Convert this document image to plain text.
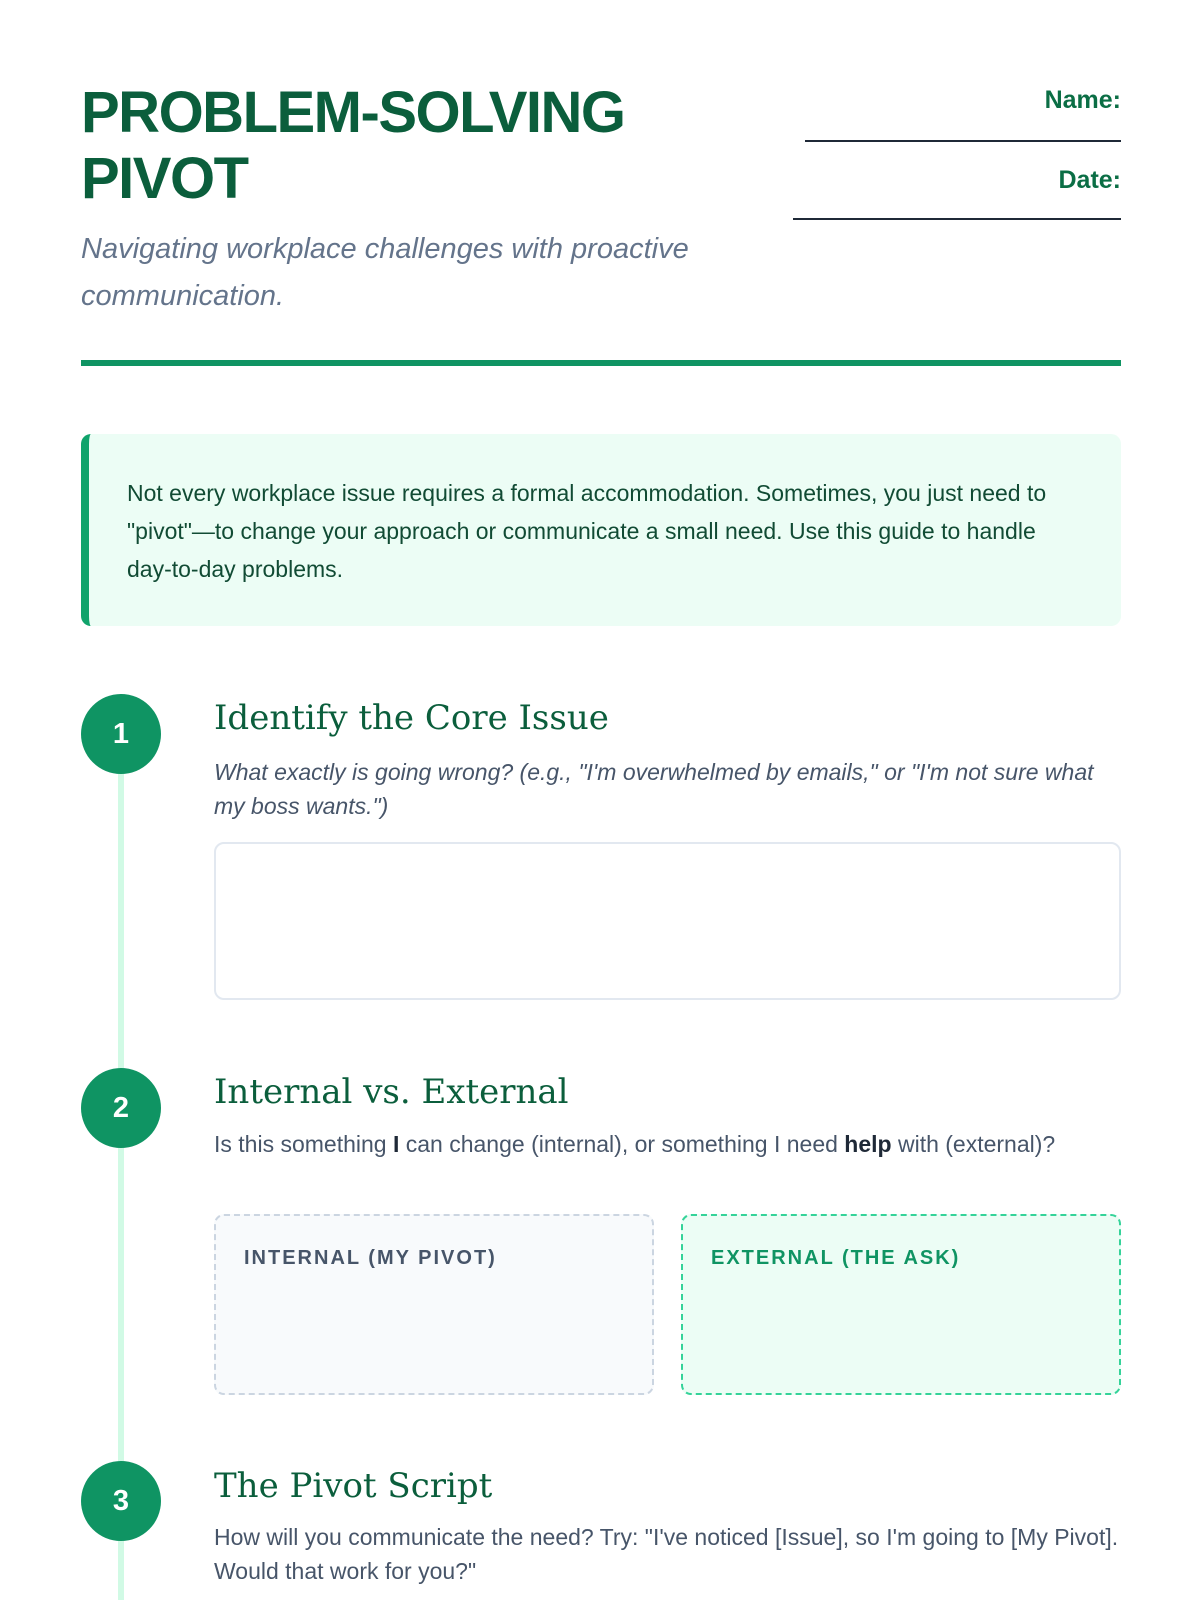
PROBLEM-SOLVING
PIVOT

Navigating workplace challenges with proactive communication.

Name:
Date:

Not every workplace issue requires a formal accommodation. Sometimes, you just need to "pivot"—to change your approach or communicate a small need. Use this guide to handle day-to-day problems.

1	Identify the Core Issue

What exactly is going wrong? (e.g., "I'm overwhelmed by emails," or "I'm not sure what my boss wants.")

2	Internal vs. External

Is this something I can change (internal), or something I need help with (external)?

INTERNAL (MY PIVOT)	EXTERNAL (THE ASK)
3	The Pivot Script

How will you communicate the need? Try: "I've noticed [Issue], so I'm going to [My Pivot]. Would that work for you?"
